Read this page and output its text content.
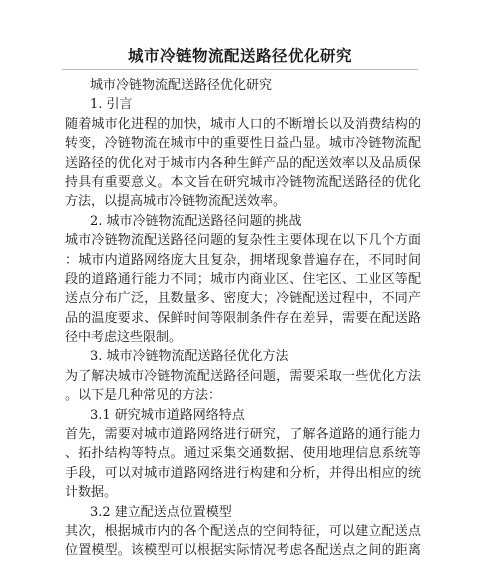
城市冷链物流配送路径优化研究
城市冷链物流配送路径优化研究
1. 引言
随着城市化进程的加快，城市人口的不断增长以及消费结构的
转变，冷链物流在城市中的重要性日益凸显。城市冷链物流配
送路径的优化对于城市内各种生鲜产品的配送效率以及品质保
持具有重要意义。本文旨在研究城市冷链物流配送路径的优化
方法，以提高城市冷链物流配送效率。
2. 城市冷链物流配送路径问题的挑战
城市冷链物流配送路径问题的复杂性主要体现在以下几个方面
：城市内道路网络庞大且复杂，拥堵现象普遍存在，不同时间
段的道路通行能力不同；城市内商业区、住宅区、工业区等配
送点分布广泛，且数量多、密度大；冷链配送过程中，不同产
品的温度要求、保鲜时间等限制条件存在差异，需要在配送路
径中考虑这些限制。
3. 城市冷链物流配送路径优化方法
为了解决城市冷链物流配送路径问题，需要采取一些优化方法
。以下是几种常见的方法：
3.1 研究城市道路网络特点
首先，需要对城市道路网络进行研究，了解各道路的通行能力
、拓扑结构等特点。通过采集交通数据、使用地理信息系统等
手段，可以对城市道路网络进行构建和分析，并得出相应的统
计数据。
3.2 建立配送点位置模型
其次，根据城市内的各个配送点的空间特征，可以建立配送点
位置模型。该模型可以根据实际情况考虑各配送点之间的距离
